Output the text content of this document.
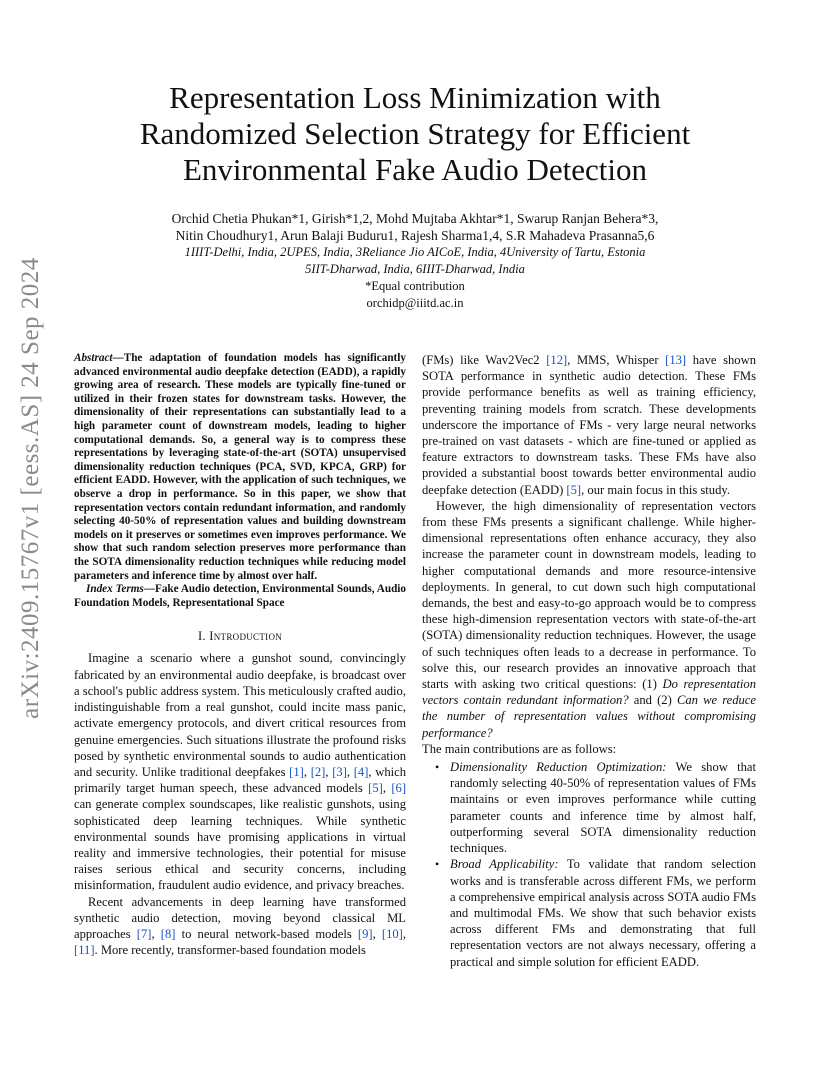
arXiv:2409.15767v1 [eess.AS] 24 Sep 2024
Representation Loss Minimization with
Randomized Selection Strategy for Efficient
Environmental Fake Audio Detection
Orchid Chetia Phukan*1, Girish*1,2, Mohd Mujtaba Akhtar*1, Swarup Ranjan Behera*3,
Nitin Choudhury1, Arun Balaji Buduru1, Rajesh Sharma1,4, S.R Mahadeva Prasanna5,6
1IIIT-Delhi, India, 2UPES, India, 3Reliance Jio AICoE, India, 4University of Tartu, Estonia
5IIT-Dharwad, India, 6IIIT-Dharwad, India
*Equal contribution
orchidp@iiitd.ac.in

Abstract—The adaptation of foundation models has significantly advanced environmental audio deepfake detection (EADD), a rapidly growing area of research. These models are typically fine-tuned or utilized in their frozen states for downstream tasks. However, the dimensionality of their representations can substantially lead to a high parameter count of downstream models, leading to higher computational demands. So, a general way is to compress these representations by leveraging state-of-the-art (SOTA) unsupervised dimensionality reduction techniques (PCA, SVD, KPCA, GRP) for efficient EADD. However, with the application of such techniques, we observe a drop in performance. So in this paper, we show that representation vectors contain redundant information, and randomly selecting 40-50% of representation values and building downstream models on it preserves or sometimes even improves performance. We show that such random selection preserves more performance than the SOTA dimensionality reduction techniques while reducing model parameters and inference time by almost over half.

Index Terms—Fake Audio detection, Environmental Sounds, Audio Foundation Models, Representational Space

I. Introduction

Imagine a scenario where a gunshot sound, convincingly fabricated by an environmental audio deepfake, is broadcast over a school's public address system. This meticulously crafted audio, indistinguishable from a real gunshot, could incite mass panic, activate emergency protocols, and divert critical resources from genuine emergencies. Such situations illustrate the profound risks posed by synthetic environmental sounds to audio authentication and security. Unlike traditional deepfakes [1], [2], [3], [4], which primarily target human speech, these advanced models [5], [6] can generate complex soundscapes, like realistic gunshots, using sophisticated deep learning techniques. While synthetic environmental sounds have promising applications in virtual reality and immersive technologies, their potential for misuse raises serious ethical and security concerns, including misinformation, fraudulent audio evidence, and privacy breaches.

Recent advancements in deep learning have transformed synthetic audio detection, moving beyond classical ML approaches [7], [8] to neural network-based models [9], [10], [11]. More recently, transformer-based foundation models

(FMs) like Wav2Vec2 [12], MMS, Whisper [13] have shown SOTA performance in synthetic audio detection. These FMs provide performance benefits as well as training efficiency, preventing training models from scratch. These developments underscore the importance of FMs - very large neural networks pre-trained on vast datasets - which are fine-tuned or applied as feature extractors to downstream tasks. These FMs have also provided a substantial boost towards better environmental audio deepfake detection (EADD) [5], our main focus in this study.

However, the high dimensionality of representation vectors from these FMs presents a significant challenge. While higher-dimensional representations often enhance accuracy, they also increase the parameter count in downstream models, leading to higher computational demands and more resource-intensive deployments. In general, to cut down such high computational demands, the best and easy-to-go approach would be to compress these high-dimension representation vectors with state-of-the-art (SOTA) dimensionality reduction techniques. However, the usage of such techniques often leads to a decrease in performance. To solve this, our research provides an innovative approach that starts with asking two critical questions: (1) Do representation vectors contain redundant information? and (2) Can we reduce the number of representation values without compromising performance?

The main contributions are as follows:

• Dimensionality Reduction Optimization: We show that randomly selecting 40-50% of representation values of FMs maintains or even improves performance while cutting parameter counts and inference time by almost half, outperforming several SOTA dimensionality reduction techniques.
• Broad Applicability: To validate that random selection works and is transferable across different FMs, we perform a comprehensive empirical analysis across SOTA audio FMs and multimodal FMs. We show that such behavior exists across different FMs and demonstrating that full representation vectors are not always necessary, offering a practical and simple solution for efficient EADD.
